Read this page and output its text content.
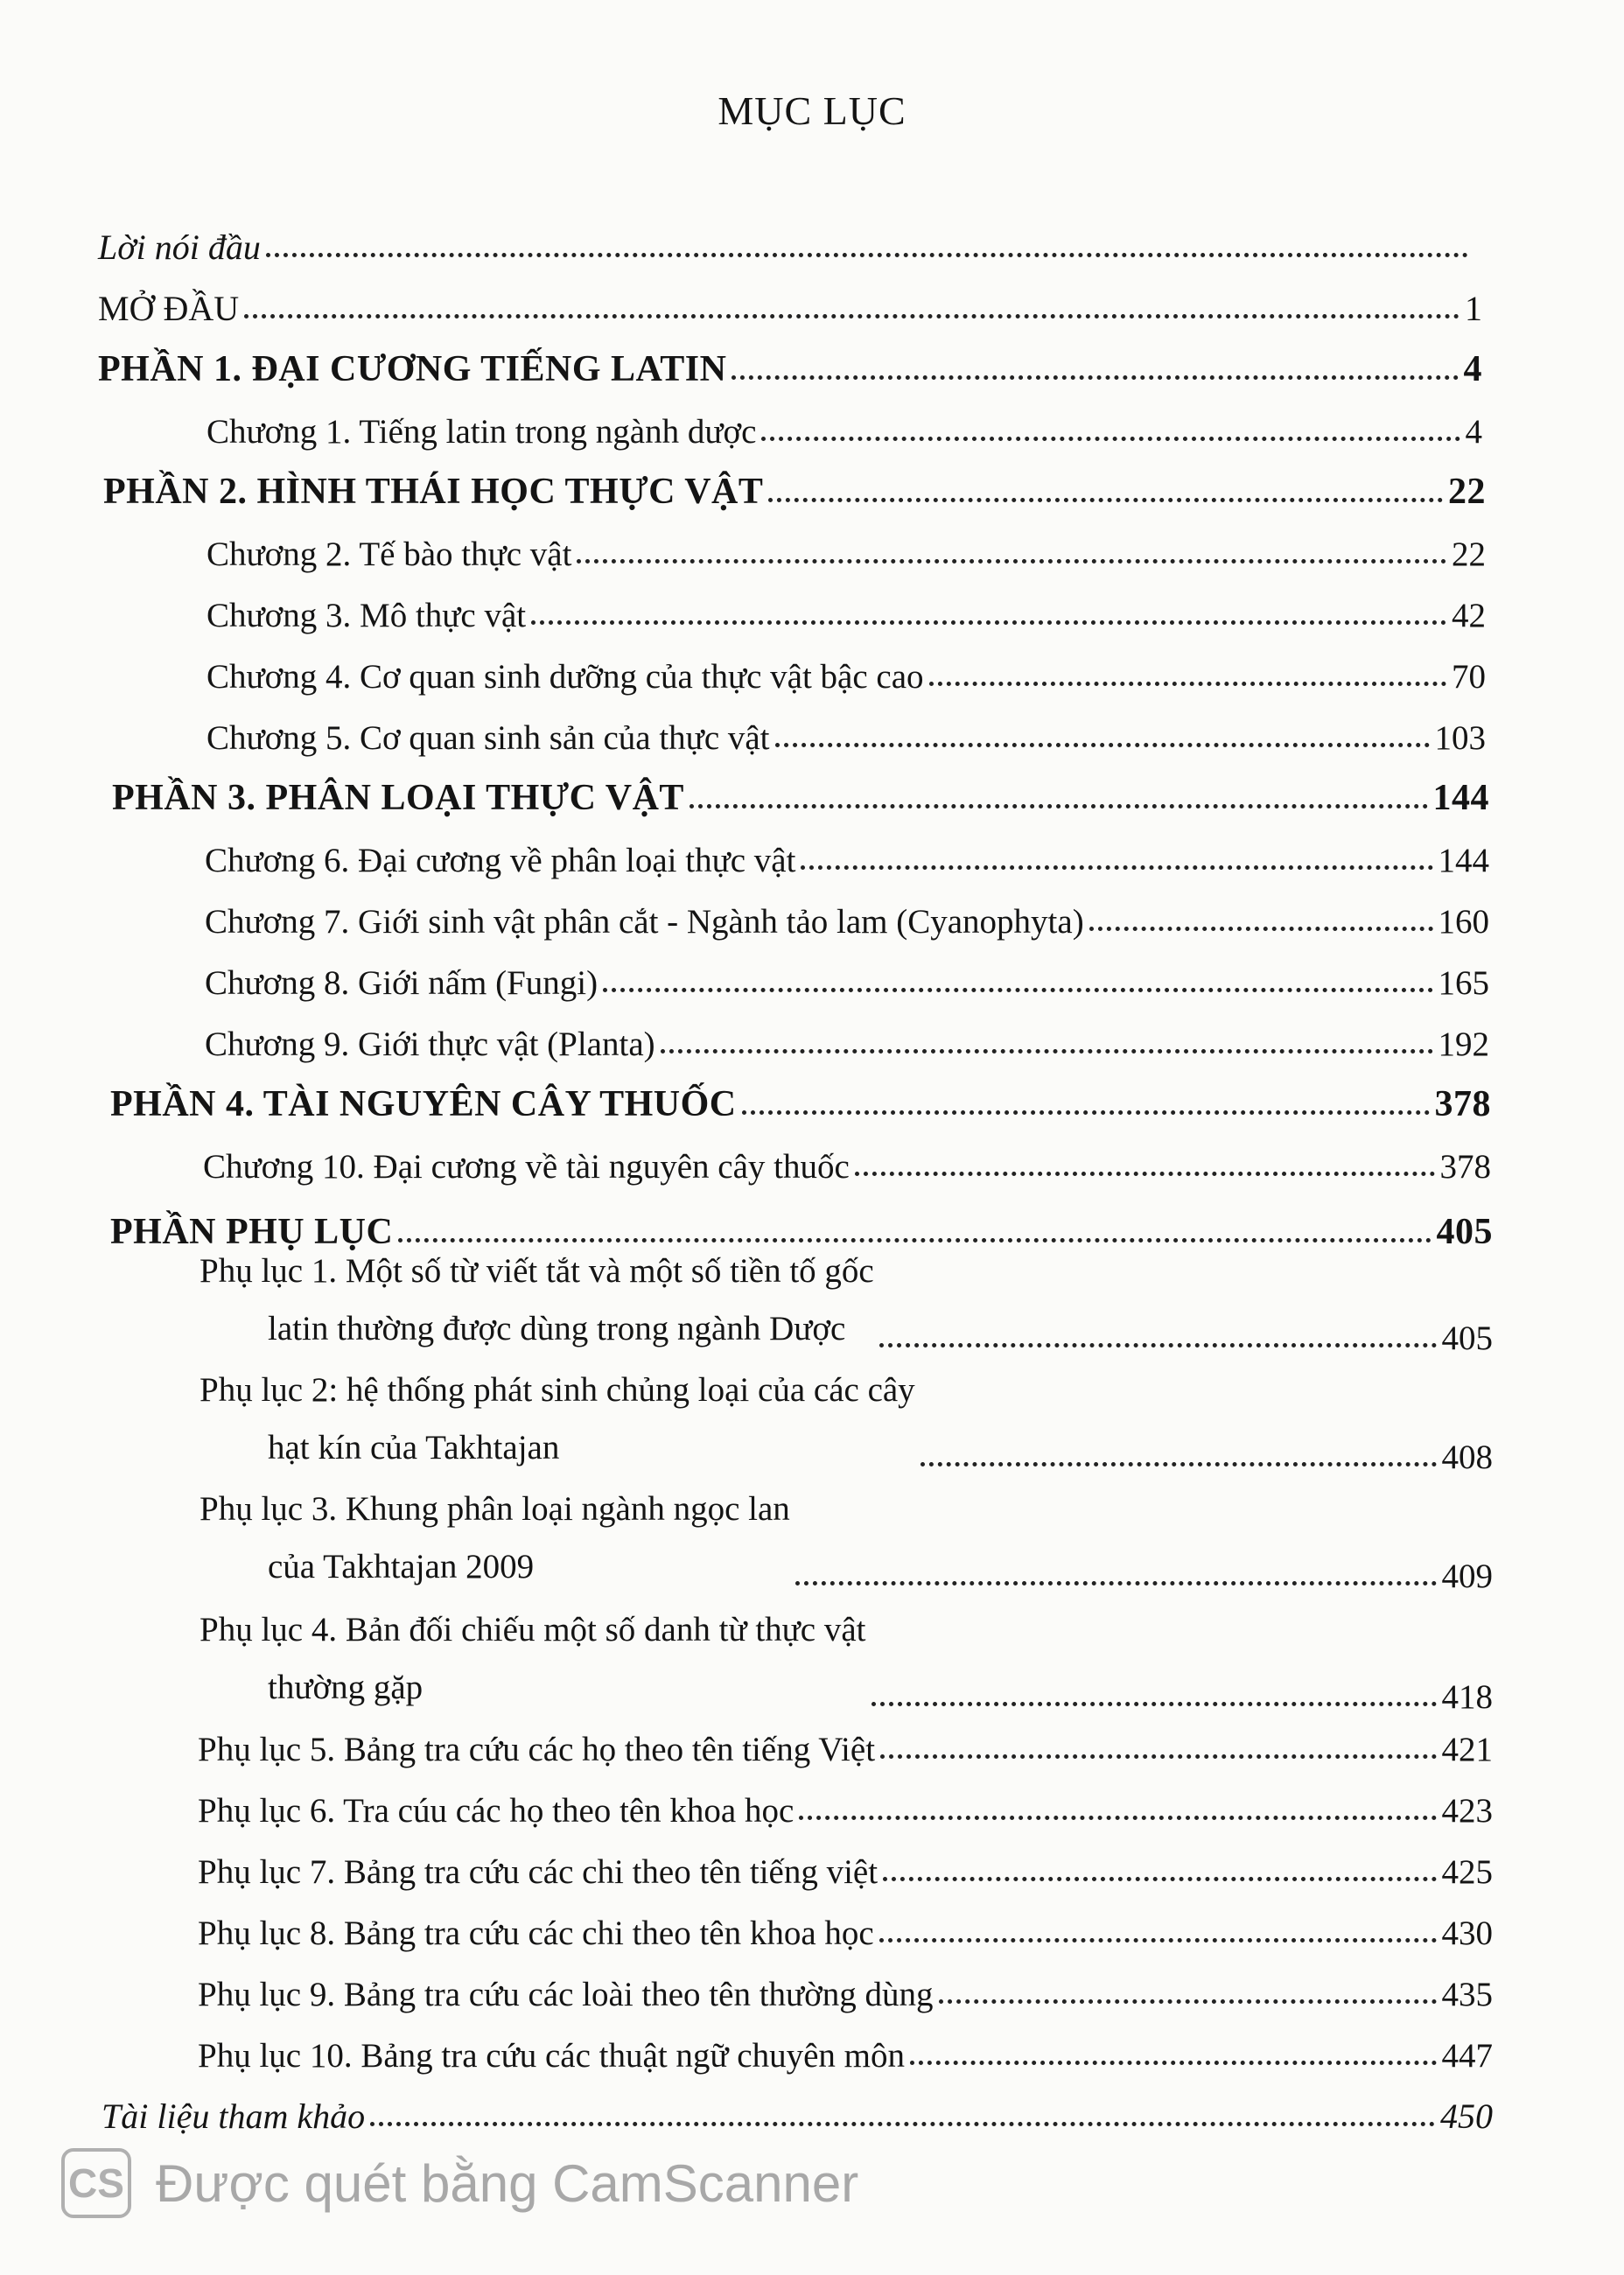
MỤC LỤC
Lời nói đầu
MỞ ĐẦU	1
PHẦN 1. ĐẠI CƯƠNG TIẾNG LATIN	4
Chương 1. Tiếng latin trong ngành dược	4
PHẦN 2. HÌNH THÁI HỌC THỰC VẬT	22
Chương 2. Tế bào thực vật	22
Chương 3. Mô thực vật	42
Chương 4. Cơ quan sinh dưỡng của thực vật bậc cao	70
Chương 5. Cơ quan sinh sản của thực vật	103
PHẦN 3. PHÂN LOẠI THỰC VẬT	144
Chương 6. Đại cương về phân loại thực vật	144
Chương 7. Giới sinh vật phân cắt - Ngành tảo lam (Cyanophyta)	160
Chương 8. Giới nấm (Fungi)	165
Chương 9. Giới thực vật (Planta)	192
PHẦN 4. TÀI NGUYÊN CÂY THUỐC	378
Chương 10. Đại cương về tài nguyên cây thuốc	378
PHẦN PHỤ LỤC	405
Phụ lục 1. Một số từ viết tắt và một số tiền tố gốc
latin thường được dùng trong ngành Dược	405
Phụ lục 2: hệ thống phát sinh chủng loại của các cây
hạt kín của Takhtajan	408
Phụ lục 3. Khung phân loại ngành ngọc lan
của Takhtajan 2009	409
Phụ lục 4. Bản đối chiếu một số danh từ thực vật
thường gặp	418
Phụ lục 5. Bảng tra cứu các họ theo tên tiếng Việt	421
Phụ lục 6. Tra cúu các họ theo tên khoa học	423
Phụ lục 7. Bảng tra cứu các chi theo tên tiếng việt	425
Phụ lục 8. Bảng tra cứu các chi theo tên khoa học	430
Phụ lục 9. Bảng tra cứu các loài theo tên thường dùng	435
Phụ lục 10. Bảng tra cứu các thuật ngữ chuyên môn	447
Tài liệu tham khảo	450
CS Được quét bằng CamScanner
